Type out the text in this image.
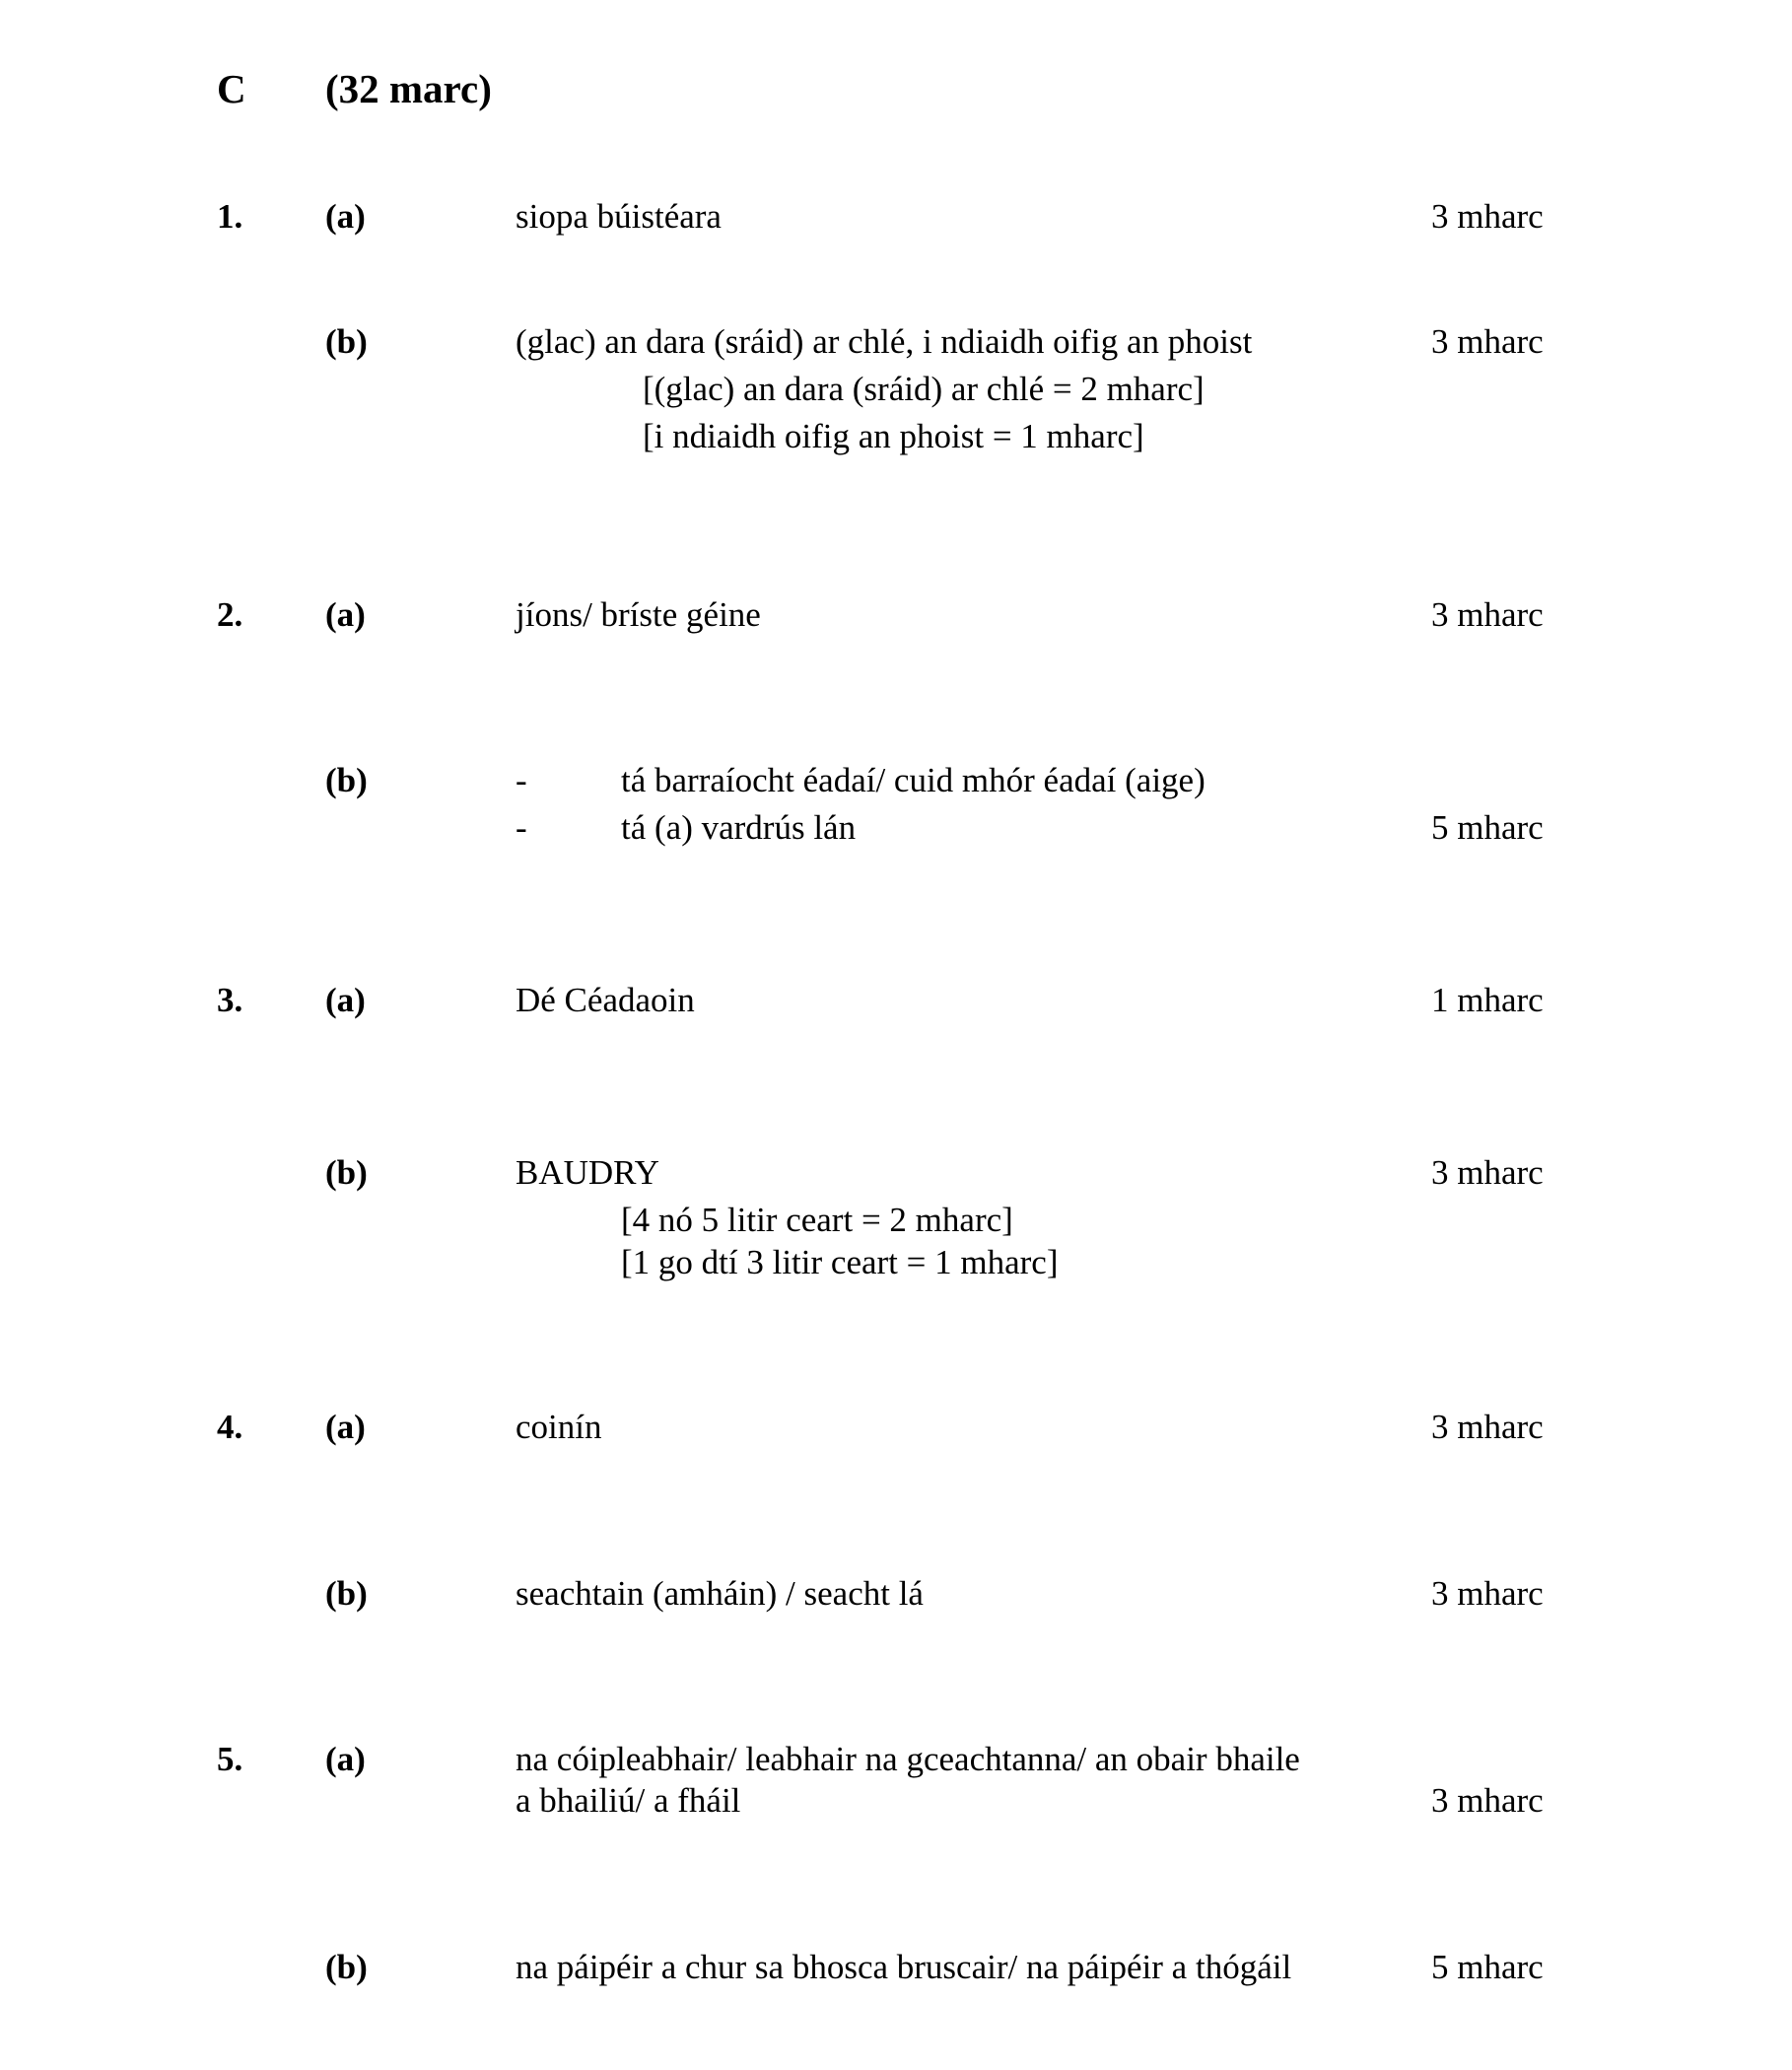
C (32 marc)
1. (a)	siopa búistéara	3 mharc
(b)	(glac) an dara (sráid) ar chlé, i ndiaidh oifig an phoist	3 mharc
[(glac) an dara (sráid) ar chlé = 2 mharc]
[i ndiaidh oifig an phoist = 1 mharc]
2. (a)	jíons/ bríste géine	3 mharc
(b)	-	tá barraíocht éadaí/ cuid mhór éadaí (aige)
-	tá (a) vardrús lán	5 mharc
3. (a)	Dé Céadaoin	1 mharc
(b)	BAUDRY	3 mharc
[4 nó 5 litir ceart = 2 mharc]
[1 go dtí 3 litir ceart = 1 mharc]
4. (a)	coinín	3 mharc
(b)	seachtain (amháin) / seacht lá	3 mharc
5. (a)	na cóipleabhair/ leabhair na gceachtanna/ an obair bhaile
a bhailiú/ a fháil	3 mharc
(b)	na páipéir a chur sa bhosca bruscair/ na páipéir a thógáil	5 mharc
